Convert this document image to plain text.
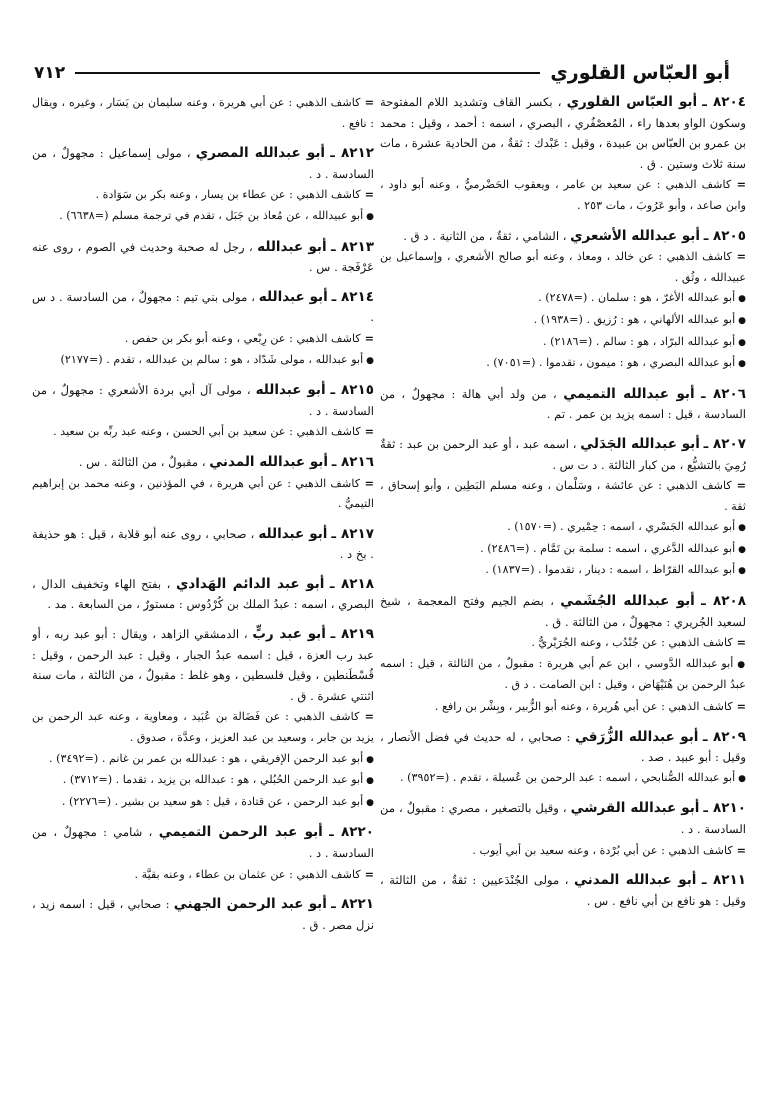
أبو العبّاس القلوري
٧١٢

٨٢٠٤ ـ أبو العبّاس القلوري ، بكسر القاف وتشديد اللام المفتوحة وسكون الواو بعدها راء ، المُعصْفُري ، البصري ، اسمه : أحمد ، وقيل : محمد بن عمرو بن العبّاس بن عبيدة ، وقيل : عَبْدك : ثقةٌ ، من الحادية عشرة ، مات سنة ثلاث وستين . ق .

= كاشف الذهبي : عن سعيد بن عامر ، ويعقوب الحَضْرميُّ ، وعنه أبو داود ، وابن صاعد ، وأبو عَرُوبَ ، مات ٢٥٣ .

٨٢٠٥ ـ أبو عبدالله الأشعري ، الشامي ، ثقةٌ ، من الثانية . د ق .

= كاشف الذهبي : عن خالد ، ومعاذ ، وعنه أبو صالح الأشعري ، وإسماعيل بن عبيدالله ، وثُق .

● أبو عبدالله الأغرّ ، هو : سلمان . (=٢٤٧٨) .

● أبو عبدالله الألهاني ، هو : رُزيق . (=١٩٣٨) .

● أبو عبدالله البرّاد ، هو : سالم . (=٢١٨٦) .

● أبو عبدالله البصري ، هو : ميمون ، تقدموا . (=٧٠٥١) .

٨٢٠٦ ـ أبو عبدالله التميمي ، من ولد أبي هالة : مجهولٌ ، من السادسة ، قيل : اسمه يزيد بن عمر . تم .

٨٢٠٧ ـ أبو عبدالله الجَدَلي ، اسمه عبد ، أو عبد الرحمن بن عبد : ثقةٌ رُمِيَ بالتشيُّع ، من كبار الثالثة . د ت س .

= كاشف الذهبي : عن عائشة ، وسَلْمان ، وعنه مسلم البَطِين ، وأبو إسحاق ، ثقة .

● أبو عبدالله الجَسْري ، اسمه : حِمْيري . (=١٥٧٠) .

● أبو عبدالله الدَّغري ، اسمه : سلمة بن تَمَّام . (=٢٤٨٦) .

● أبو عبدالله القرّاظ ، اسمه : دينار ، تقدموا . (=١٨٣٧) .

٨٢٠٨ ـ أبو عبدالله الجُشَمي ، بضم الجيم وفتح المعجمة ، شيخ لسعيد الجُريري : مجهولٌ ، من الثالثة . ق .

= كاشف الذهبي : عن جُنْدُب ، وعنه الجُرَيْريُّ .

● أبو عبدالله الدَّوسي ، ابن عم أبي هريرة : مقبولٌ ، من الثالثة ، قيل : اسمه عبدُ الرحمن بن هُنَيْهَاض ، وقيل : ابن الصامت . د ق .

= كاشف الذهبي : عن أبي هُريرة ، وعنه أبو الزُّبير ، وبِشْر بن رافع .

٨٢٠٩ ـ أبو عبدالله الزُّرَقي : صحابي ، له حديث في فضل الأنصار ، وقيل : أبو عبيد . صد .

● أبو عبدالله الصُّنابحي ، اسمه : عبد الرحمن بن عُسيلة ، تقدم . (=٣٩٥٢) .

٨٢١٠ ـ أبو عبدالله القرشي ، وقيل بالتصغير ، مصري : مقبولٌ ، من السادسة . د .

= كاشف الذهبي : عن أبي بُرْدة ، وعنه سعيد بن أبي أيوب .

٨٢١١ ـ أبو عبدالله المدني ، مولى الجُنْدَعيين : ثقةٌ ، من الثالثة ، وقيل : هو نافع بن أبي نافع . س .

= كاشف الذهبي : عن أبي هريرة ، وعنه سليمان بن يَسَار ، وغيره ، ويقال : نافع .

٨٢١٢ ـ أبو عبدالله المصري ، مولى إسماعيل : مجهولٌ ، من السادسة . د .

= كاشف الذهبي : عن عطاء بن يسار ، وعنه بكر بن سَوَادة .

● أبو عبيدالله ، عن مُعاذ بن جَبَل ، تقدم في ترجمة مسلم (=٦٦٣٨) .

٨٢١٣ ـ أبو عبدالله ، رجل له صحبة وحديث في الصوم ، روى عنه عَرْفَجة . س .

٨٢١٤ ـ أبو عبدالله ، مولى بني تيم : مجهولٌ ، من السادسة . د س .

= كاشف الذهبي : عن رِبْعي ، وعنه أبو بكر بن حفص .

● أبو عبدالله ، مولى شَدّاد ، هو : سالم بن عبدالله ، تقدم . (=٢١٧٧)

٨٢١٥ ـ أبو عبدالله ، مولى آل أبي بردة الأشعري : مجهولٌ ، من السادسة . د .

= كاشف الذهبي : عن سعيد بن أبي الحسن ، وعنه عبد ربِّه بن سعيد .

٨٢١٦ ـ أبو عبدالله المدني ، مقبولٌ ، من الثالثة . س .

= كاشف الذهبي : عن أبي هريرة ، في المؤذنين ، وعنه محمد بن إبراهيم التيميُّ .

٨٢١٧ ـ أبو عبدالله ، صحابي ، روى عنه أبو قلابة ، قيل : هو حذيفة . بخ د .

٨٢١٨ ـ أبو عبد الدائم الهَدادي ، بفتح الهاء وتخفيف الدال ، البصري ، اسمه : عبدُ الملك بن كُرْدُوس : مستورٌ ، من السابعة . مد .

٨٢١٩ ـ أبو عبد ربٍّ ، الدمشقي الزاهد ، ويقال : أبو عبد ربه ، أو عبد رب العزة ، قيل : اسمه عبدُ الجبار ، وقيل : عبد الرحمن ، وقيل : قُسْطَنطين ، وقيل فلسطين ، وهو غلط : مقبولٌ ، من الثالثة ، مات سنة اثنتي عشرة . ق .

= كاشف الذهبي : عن فَضَالة بن عُبَيد ، ومعاوية ، وعنه عبد الرحمن بن يزيد بن جابر ، وسعيد بن عبد العزيز ، وعدَّة ، صدوق .

● أبو عبد الرحمن الإفريقي ، هو : عبدالله بن عمر بن غانم . (=٣٤٩٢) .

● أبو عبد الرحمن الحُبُلي ، هو : عبدالله بن يزيد ، تقدما . (=٣٧١٢) .

● أبو عبد الرحمن ، عن قتادة ، قيل : هو سعيد بن بشير . (=٢٢٧٦) .

٨٢٢٠ ـ أبو عبد الرحمن التميمي ، شامي : مجهولٌ ، من السادسة . د .

= كاشف الذهبي : عن عثمان بن عطاء ، وعنه بقيَّة .

٨٢٢١ ـ أبو عبد الرحمن الجهني : صحابي ، قيل : اسمه زيد ، نزل مصر . ق .
